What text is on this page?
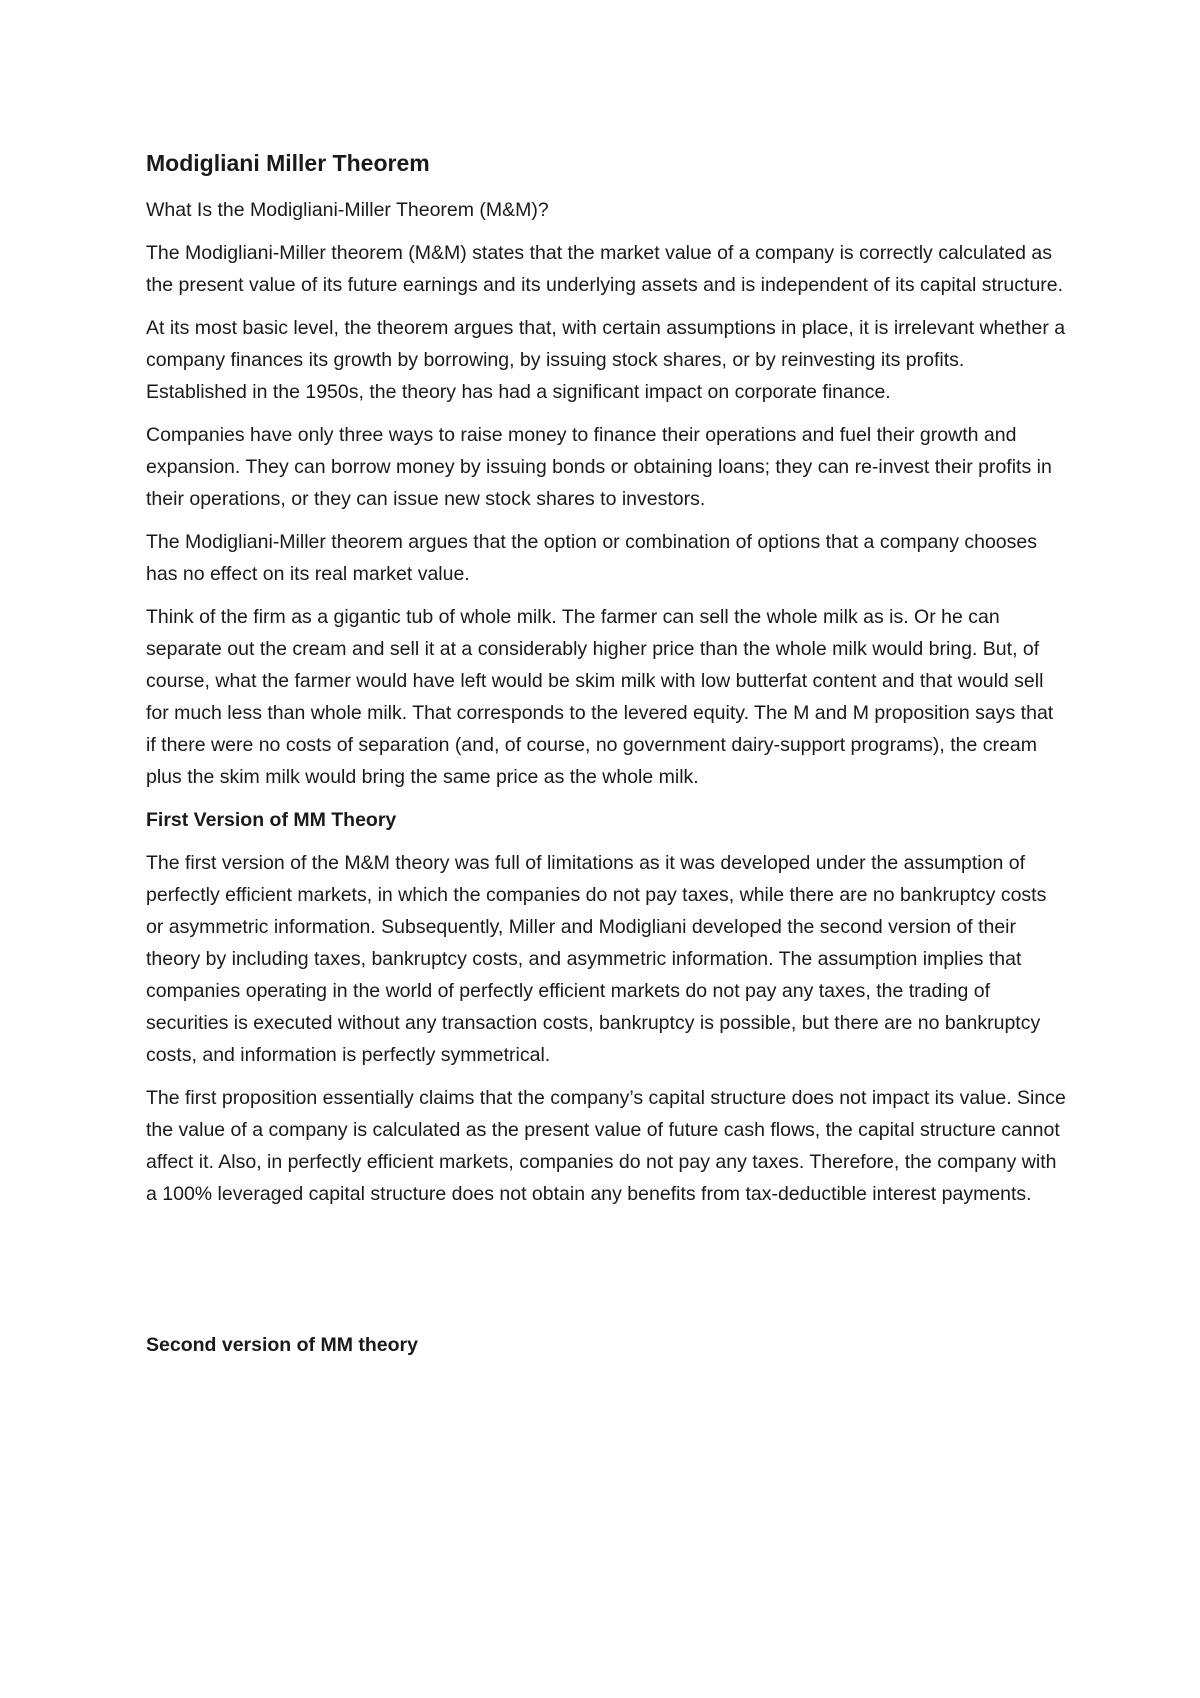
Modigliani Miller Theorem

What Is the Modigliani-Miller Theorem (M&M)?

The Modigliani-Miller theorem (M&M) states that the market value of a company is correctly calculated as the present value of its future earnings and its underlying assets and is independent of its capital structure.

At its most basic level, the theorem argues that, with certain assumptions in place, it is irrelevant whether a company finances its growth by borrowing, by issuing stock shares, or by reinvesting its profits. Established in the 1950s, the theory has had a significant impact on corporate finance.

Companies have only three ways to raise money to finance their operations and fuel their growth and expansion. They can borrow money by issuing bonds or obtaining loans; they can re-invest their profits in their operations, or they can issue new stock shares to investors.

The Modigliani-Miller theorem argues that the option or combination of options that a company chooses has no effect on its real market value.

Think of the firm as a gigantic tub of whole milk. The farmer can sell the whole milk as is. Or he can separate out the cream and sell it at a considerably higher price than the whole milk would bring. But, of course, what the farmer would have left would be skim milk with low butterfat content and that would sell for much less than whole milk. That corresponds to the levered equity. The M and M proposition says that if there were no costs of separation (and, of course, no government dairy-support programs), the cream plus the skim milk would bring the same price as the whole milk.

First Version of MM Theory

The first version of the M&M theory was full of limitations as it was developed under the assumption of perfectly efficient markets, in which the companies do not pay taxes, while there are no bankruptcy costs or asymmetric information. Subsequently, Miller and Modigliani developed the second version of their theory by including taxes, bankruptcy costs, and asymmetric information. The assumption implies that companies operating in the world of perfectly efficient markets do not pay any taxes, the trading of securities is executed without any transaction costs, bankruptcy is possible, but there are no bankruptcy costs, and information is perfectly symmetrical.

The first proposition essentially claims that the company’s capital structure does not impact its value. Since the value of a company is calculated as the present value of future cash flows, the capital structure cannot affect it. Also, in perfectly efficient markets, companies do not pay any taxes. Therefore, the company with a 100% leveraged capital structure does not obtain any benefits from tax-deductible interest payments.

Second version of MM theory
